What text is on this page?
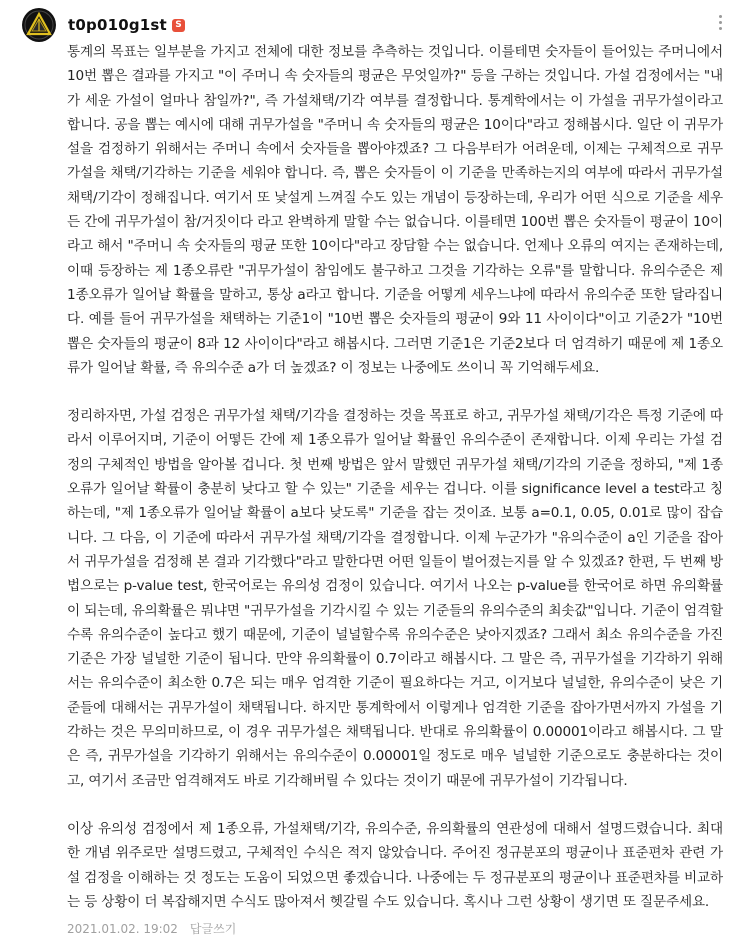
t0p010g1st S

통계의 목표는 일부분을 가지고 전체에 대한 정보를 추측하는 것입니다. 이를테면 숫자들이 들어있는 주머니에서 10번 뽑은 결과를 가지고 "이 주머니 속 숫자들의 평균은 무엇일까?" 등을 구하는 것입니다. 가설 검정에서는 "내가 세운 가설이 얼마나 참일까?", 즉 가설채택/기각 여부를 결정합니다. 통계학에서는 이 가설을 귀무가설이라고 합니다. 공을 뽑는 예시에 대해 귀무가설을 "주머니 속 숫자들의 평균은 10이다"라고 정해봅시다. 일단 이 귀무가설을 검정하기 위해서는 주머니 속에서 숫자들을 뽑아야겠죠? 그 다음부터가 어려운데, 이제는 구체적으로 귀무가설을 채택/기각하는 기준을 세워야 합니다. 즉, 뽑은 숫자들이 이 기준을 만족하는지의 여부에 따라서 귀무가설 채택/기각이 정해집니다. 여기서 또 낯설게 느껴질 수도 있는 개념이 등장하는데, 우리가 어떤 식으로 기준을 세우든 간에 귀무가설이 참/거짓이다 라고 완벽하게 말할 수는 없습니다. 이를테면 100번 뽑은 숫자들이 평균이 10이라고 해서 "주머니 속 숫자들의 평균 또한 10이다"라고 장담할 수는 없습니다. 언제나 오류의 여지는 존재하는데, 이때 등장하는 제 1종오류란 "귀무가설이 참임에도 불구하고 그것을 기각하는 오류"를 말합니다. 유의수준은 제 1종오류가 일어날 확률을 말하고, 통상 a라고 합니다. 기준을 어떻게 세우느냐에 따라서 유의수준 또한 달라집니다. 예를 들어 귀무가설을 채택하는 기준1이 "10번 뽑은 숫자들의 평균이 9와 11 사이이다"이고 기준2가 "10번 뽑은 숫자들의 평균이 8과 12 사이이다"라고 해봅시다. 그러면 기준1은 기준2보다 더 엄격하기 때문에 제 1종오류가 일어날 확률, 즉 유의수준 a가 더 높겠죠? 이 정보는 나중에도 쓰이니 꼭 기억해두세요.

정리하자면, 가설 검정은 귀무가설 채택/기각을 결정하는 것을 목표로 하고, 귀무가설 채택/기각은 특정 기준에 따라서 이루어지며, 기준이 어떻든 간에 제 1종오류가 일어날 확률인 유의수준이 존재합니다. 이제 우리는 가설 검정의 구체적인 방법을 알아볼 겁니다. 첫 번째 방법은 앞서 말했던 귀무가설 채택/기각의 기준을 정하되, "제 1종오류가 일어날 확률이 충분히 낮다고 할 수 있는" 기준을 세우는 겁니다. 이를 significance level a test라고 칭하는데, "제 1종오류가 일어날 확률이 a보다 낮도록" 기준을 잡는 것이죠. 보통 a=0.1, 0.05, 0.01로 많이 잡습니다. 그 다음, 이 기준에 따라서 귀무가설 채택/기각을 결정합니다. 이제 누군가가 "유의수준이 a인 기준을 잡아서 귀무가설을 검정해 본 결과 기각했다"라고 말한다면 어떤 일들이 벌어졌는지를 알 수 있겠죠? 한편, 두 번째 방법으로는 p-value test, 한국어로는 유의성 검정이 있습니다. 여기서 나오는 p-value를 한국어로 하면 유의확률이 되는데, 유의확률은 뭐냐면 "귀무가설을 기각시킬 수 있는 기준들의 유의수준의 최솟값"입니다. 기준이 엄격할수록 유의수준이 높다고 했기 때문에, 기준이 널널할수록 유의수준은 낮아지겠죠? 그래서 최소 유의수준을 가진 기준은 가장 널널한 기준이 됩니다. 만약 유의확률이 0.7이라고 해봅시다. 그 말은 즉, 귀무가설을 기각하기 위해서는 유의수준이 최소한 0.7은 되는 매우 엄격한 기준이 필요하다는 거고, 이거보다 널널한, 유의수준이 낮은 기준들에 대해서는 귀무가설이 채택됩니다. 하지만 통계학에서 이렇게나 엄격한 기준을 잡아가면서까지 가설을 기각하는 것은 무의미하므로, 이 경우 귀무가설은 채택됩니다. 반대로 유의확률이 0.00001이라고 해봅시다. 그 말은 즉, 귀무가설을 기각하기 위해서는 유의수준이 0.00001일 정도로 매우 널널한 기준으로도 충분하다는 것이고, 여기서 조금만 엄격해져도 바로 기각해버릴 수 있다는 것이기 때문에 귀무가설이 기각됩니다.

이상 유의성 검정에서 제 1종오류, 가설채택/기각, 유의수준, 유의확률의 연관성에 대해서 설명드렸습니다. 최대한 개념 위주로만 설명드렸고, 구체적인 수식은 적지 않았습니다. 주어진 정규분포의 평균이나 표준편차 관련 가설 검정을 이해하는 것 정도는 도움이 되었으면 좋겠습니다. 나중에는 두 정규분포의 평균이나 표준편차를 비교하는 등 상황이 더 복잡해지면 수식도 많아져서 헷갈릴 수도 있습니다. 혹시나 그런 상황이 생기면 또 질문주세요.

2021.01.02. 19:02 답글쓰기
